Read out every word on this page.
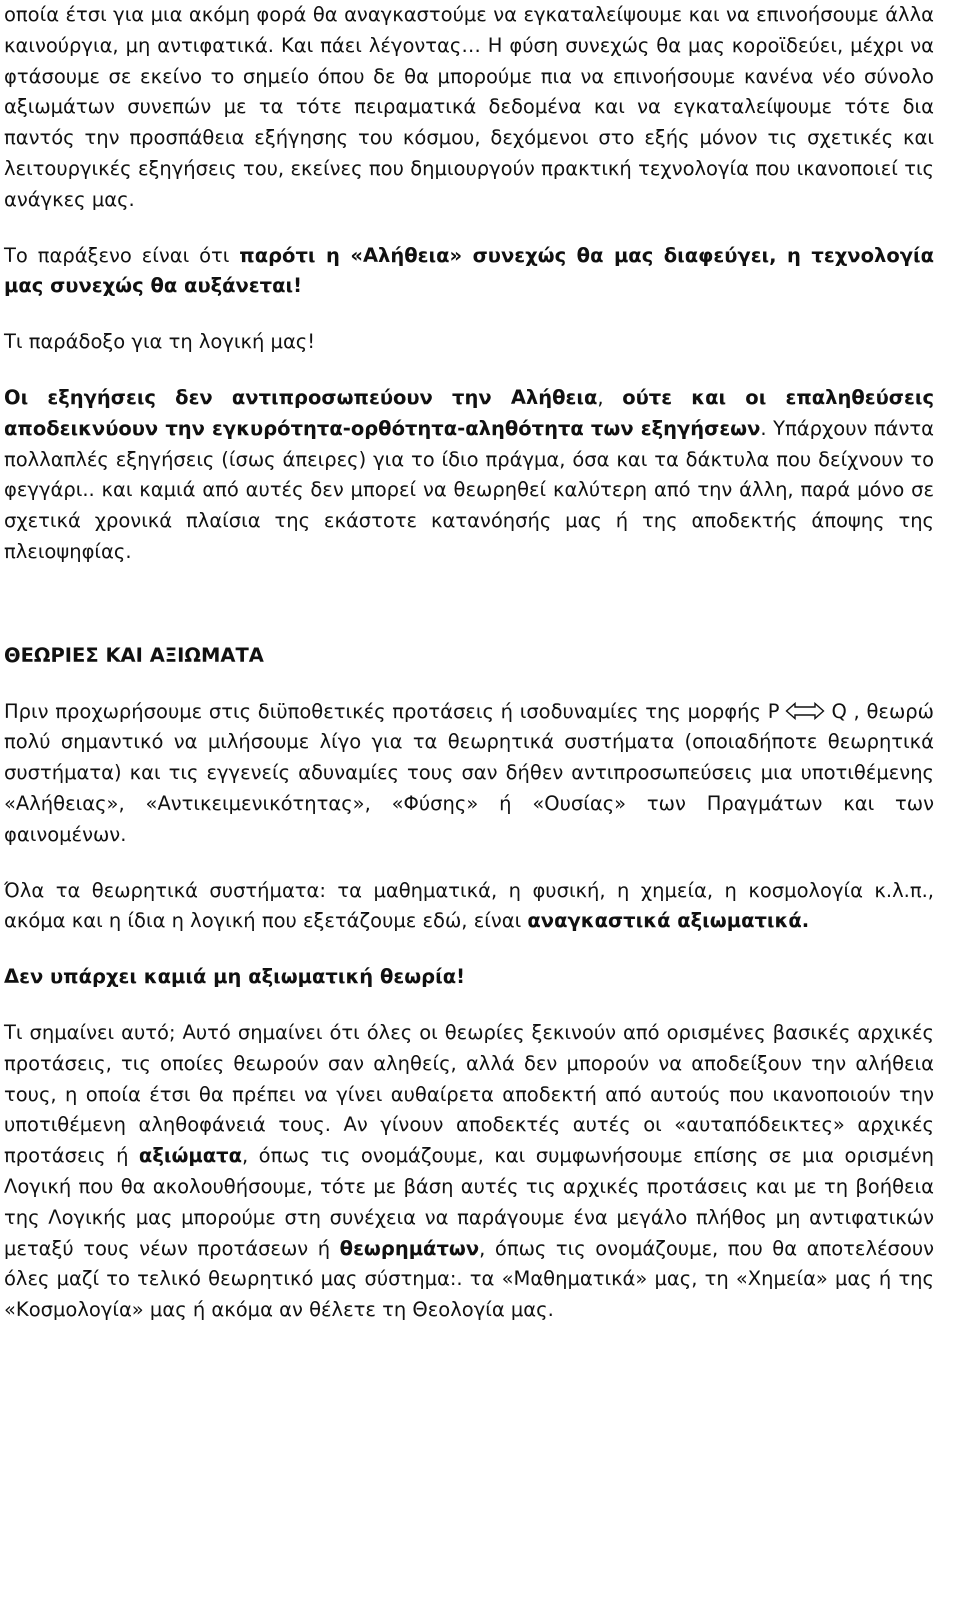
οποία έτσι για μια ακόμη φορά θα αναγκαστούμε να εγκαταλείψουμε και να επινοήσουμε άλλα καινούργια, μη αντιφατικά. Και πάει λέγοντας… Η φύση συνεχώς θα μας κοροϊδεύει, μέχρι να φτάσουμε σε εκείνο το σημείο όπου δε θα μπορούμε πια να επινοήσουμε κανένα νέο σύνολο αξιωμάτων συνεπών με τα τότε πειραματικά δεδομένα και να εγκαταλείψουμε τότε δια παντός την προσπάθεια εξήγησης του κόσμου, δεχόμενοι στο εξής μόνον τις σχετικές και λειτουργικές εξηγήσεις του, εκείνες που δημιουργούν πρακτική τεχνολογία που ικανοποιεί τις ανάγκες μας.

Το παράξενο είναι ότι παρότι η «Αλήθεια» συνεχώς θα μας διαφεύγει, η τεχνολογία μας συνεχώς θα αυξάνεται!

Τι παράδοξο για τη λογική μας!

Οι εξηγήσεις δεν αντιπροσωπεύουν την Αλήθεια, ούτε και οι επαληθεύσεις αποδεικνύουν την εγκυρότητα-ορθότητα-αληθότητα των εξηγήσεων. Υπάρχουν πάντα πολλαπλές εξηγήσεις (ίσως άπειρες) για το ίδιο πράγμα, όσα και τα δάκτυλα που δείχνουν το φεγγάρι.. και καμιά από αυτές δεν μπορεί να θεωρηθεί καλύτερη από την άλλη, παρά μόνο σε σχετικά χρονικά πλαίσια της εκάστοτε κατανόησής μας ή της αποδεκτής άποψης της πλειοψηφίας.

ΘΕΩΡΙΕΣ ΚΑΙ ΑΞΙΩΜΑΤΑ

Πριν προχωρήσουμε στις διϋποθετικές προτάσεις ή ισοδυναμίες της μορφής Ρ	Q , θεωρώ πολύ σημαντικό να μιλήσουμε λίγο για τα θεωρητικά συστήματα (οποιαδήποτε θεωρητικά συστήματα) και τις εγγενείς αδυναμίες τους σαν δήθεν αντιπροσωπεύσεις μια υποτιθέμενης «Αλήθειας», «Αντικειμενικότητας», «Φύσης» ή «Ουσίας» των Πραγμάτων και των φαινομένων.

Όλα τα θεωρητικά συστήματα: τα μαθηματικά, η φυσική, η χημεία, η κοσμολογία κ.λ.π., ακόμα και η ίδια η λογική που εξετάζουμε εδώ, είναι αναγκαστικά αξιωματικά.

Δεν υπάρχει καμιά μη αξιωματική θεωρία!

Τι σημαίνει αυτό; Αυτό σημαίνει ότι όλες οι θεωρίες ξεκινούν από ορισμένες βασικές αρχικές προτάσεις, τις οποίες θεωρούν σαν αληθείς, αλλά δεν μπορούν να αποδείξουν την αλήθεια τους, η οποία έτσι θα πρέπει να γίνει αυθαίρετα αποδεκτή από αυτούς που ικανοποιούν την υποτιθέμενη αληθοφάνειά τους. Αν γίνουν αποδεκτές αυτές οι «αυταπόδεικτες» αρχικές προτάσεις ή αξιώματα, όπως τις ονομάζουμε, και συμφωνήσουμε επίσης σε μια ορισμένη Λογική που θα ακολουθήσουμε, τότε με βάση αυτές τις αρχικές προτάσεις και με τη βοήθεια της Λογικής μας μπορούμε στη συνέχεια να παράγουμε ένα μεγάλο πλήθος μη αντιφατικών μεταξύ τους νέων προτάσεων ή θεωρημάτων, όπως τις ονομάζουμε, που θα αποτελέσουν όλες μαζί το τελικό θεωρητικό μας σύστημα:. τα «Μαθηματικά» μας, τη «Χημεία» μας ή της «Κοσμολογία» μας ή ακόμα αν θέλετε τη Θεολογία μας.
